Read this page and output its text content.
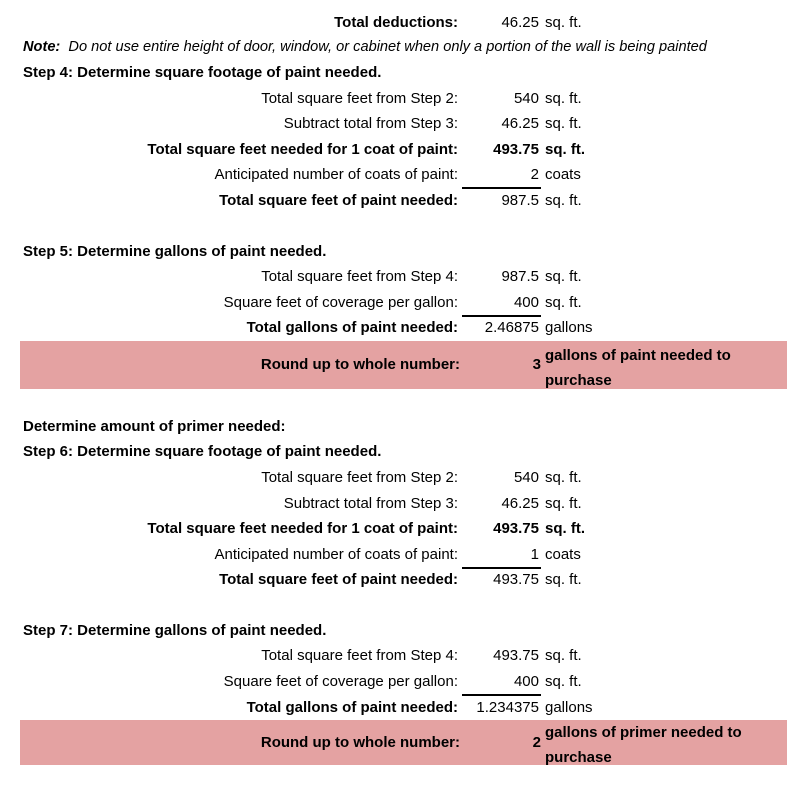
Total deductions:	46.25 sq. ft.
Note: Do not use entire height of door, window, or cabinet when only a portion of the wall is being painted
Step 4: Determine square footage of paint needed.
Total square feet from Step 2:	540 sq. ft.
Subtract total from Step 3:	46.25 sq. ft.
Total square feet needed for 1 coat of paint: 493.75 sq. ft.
Anticipated number of coats of paint:	2 coats
Total square feet of paint needed:	987.5 sq. ft.
Step 5: Determine gallons of paint needed.
Total square feet from Step 4:	987.5 sq. ft.
Square feet of coverage per gallon:	400 sq. ft.
Total gallons of paint needed: 2.46875 gallons
Round up to whole number:	3
gallons of paint needed to purchase
Determine amount of primer needed:
Step 6: Determine square footage of paint needed.
Total square feet from Step 2:	540 sq. ft.
Subtract total from Step 3:	46.25 sq. ft.
Total square feet needed for 1 coat of paint: 493.75 sq. ft.
Anticipated number of coats of paint:	1 coats
Total square feet of paint needed: 493.75 sq. ft.
Step 7: Determine gallons of paint needed.
Total square feet from Step 4: 493.75 sq. ft.
Square feet of coverage per gallon:	400 sq. ft.
Total gallons of paint needed: 1.234375 gallons
Round up to whole number:	2
gallons of primer needed to purchase
